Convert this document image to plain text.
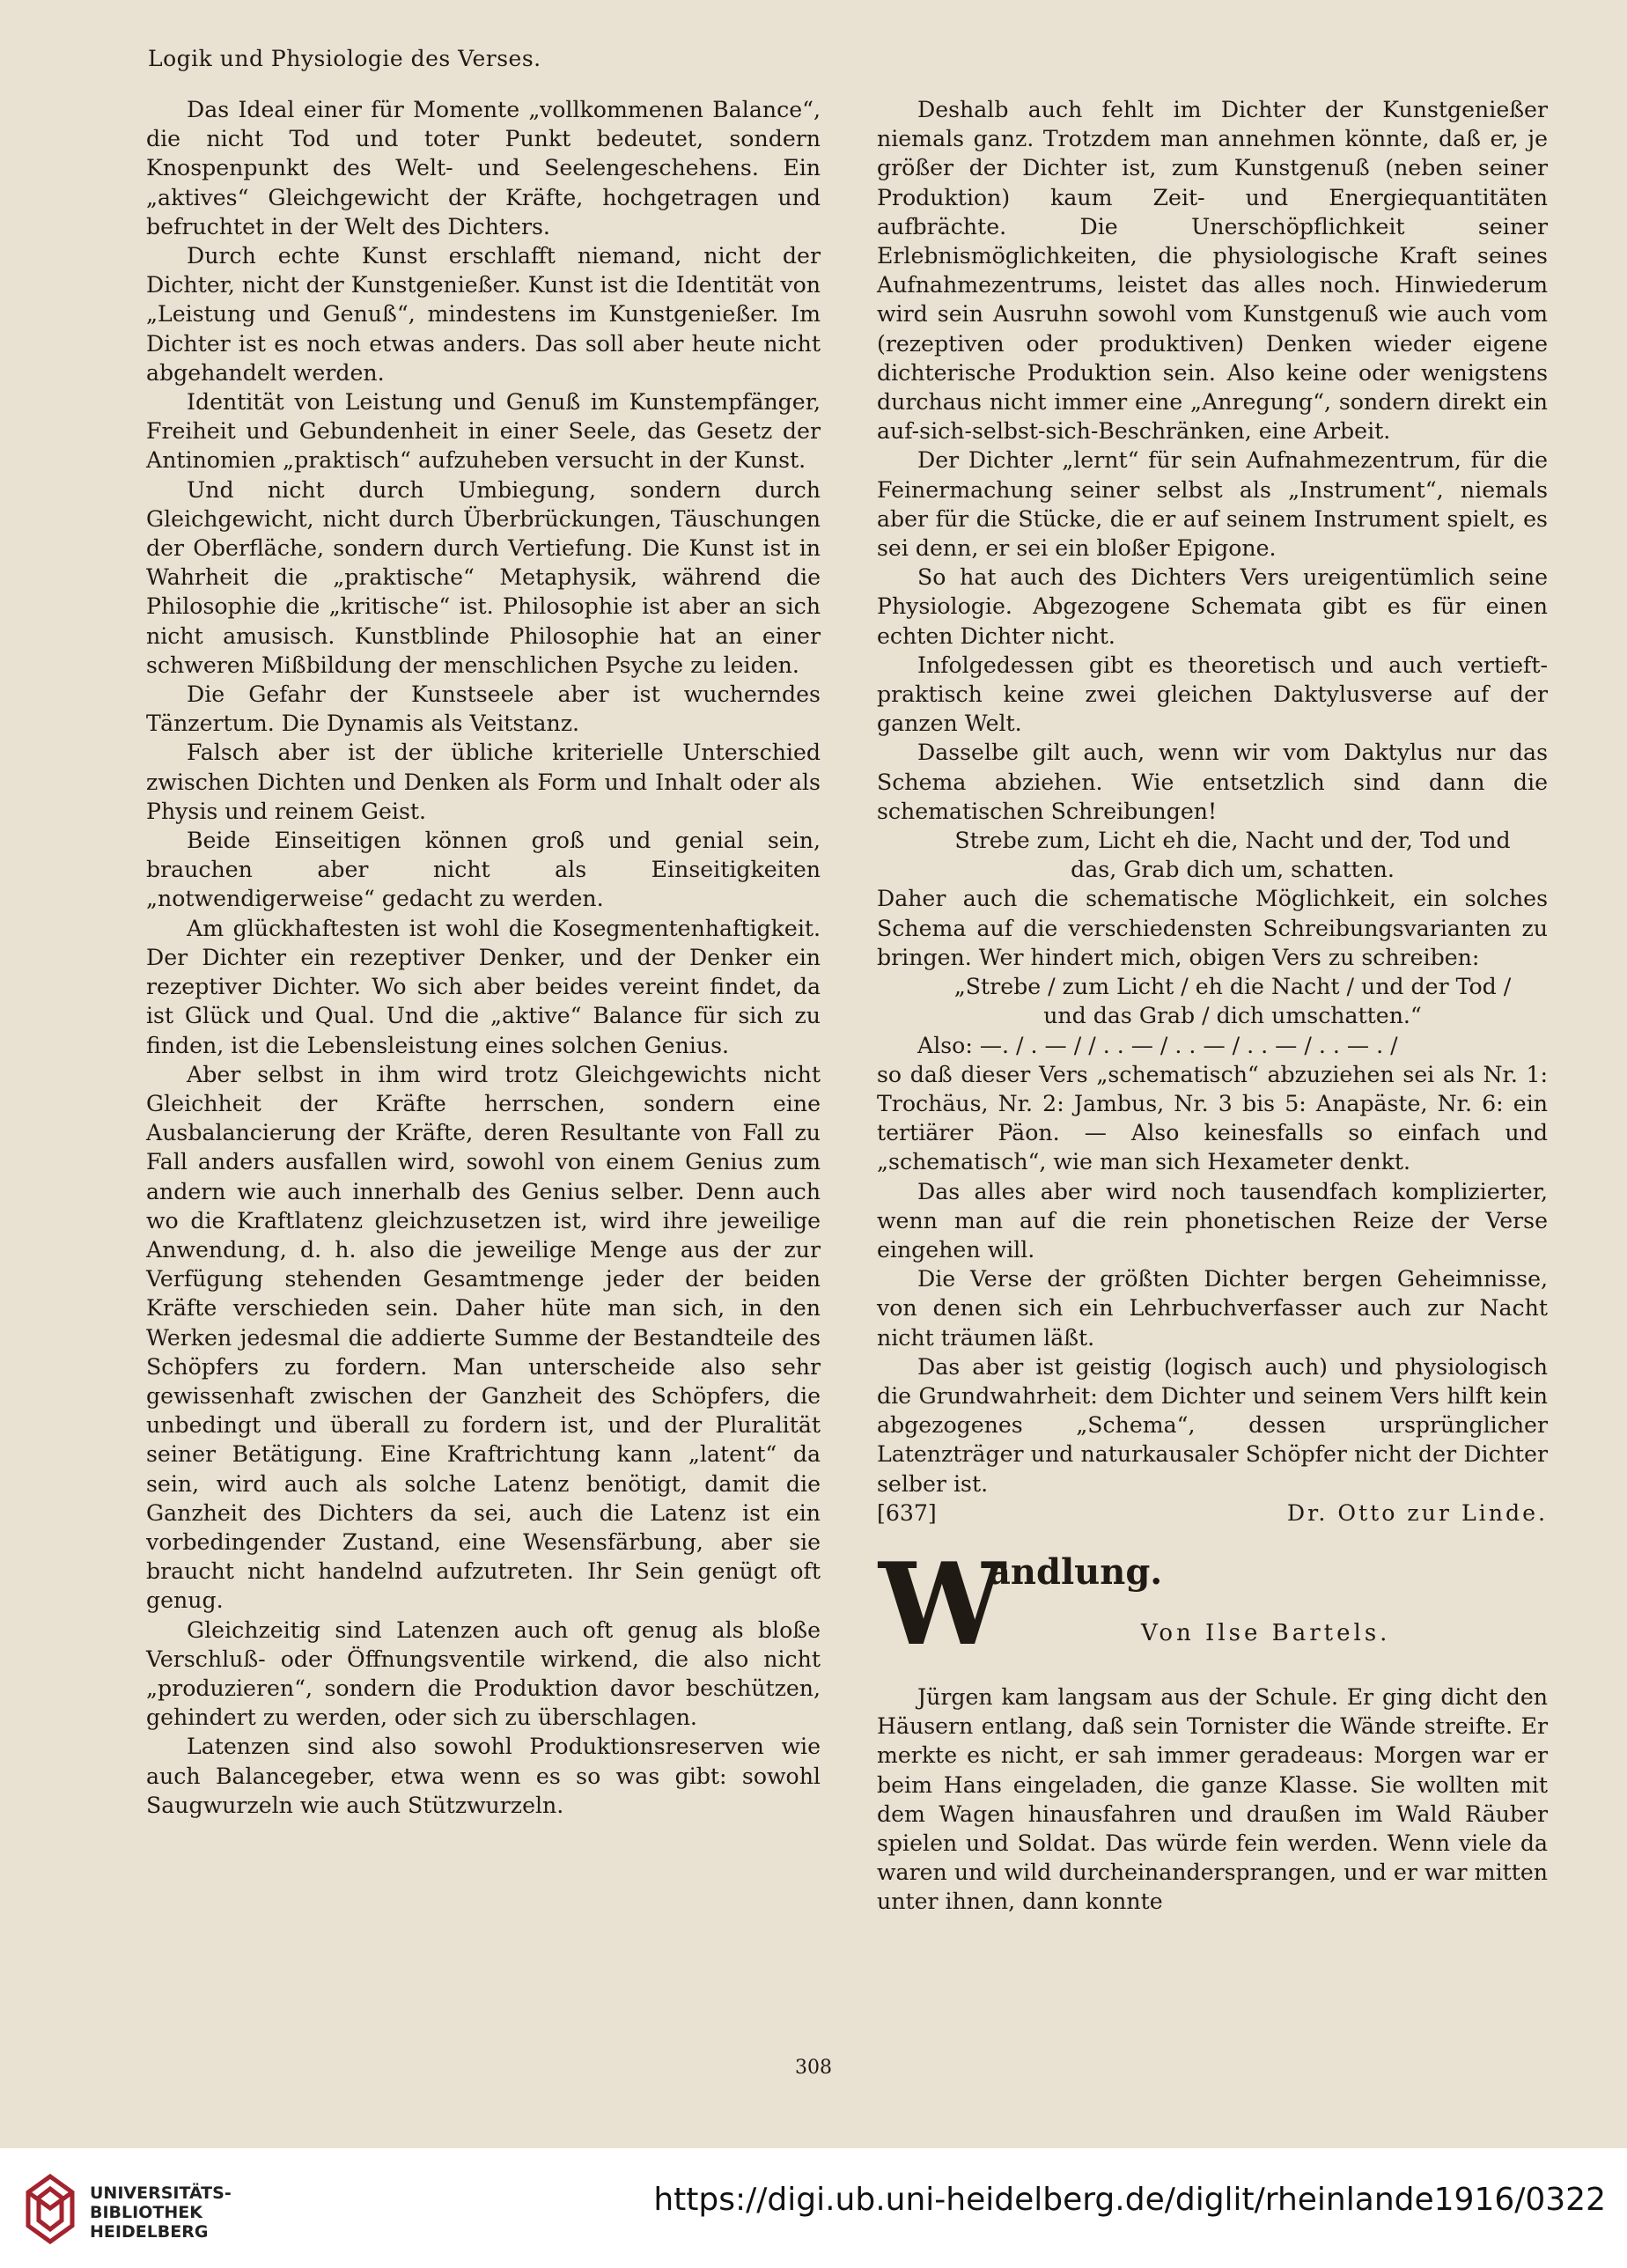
Logik und Physiologie des Verses.

Das Ideal einer für Momente „vollkommenen Balance“, die nicht Tod und toter Punkt bedeutet, sondern Knospenpunkt des Welt- und Seelengeschehens. Ein „aktives“ Gleichgewicht der Kräfte, hochgetragen und befruchtet in der Welt des Dichters.

Durch echte Kunst erschlafft niemand, nicht der Dichter, nicht der Kunstgenießer. Kunst ist die Identität von „Leistung und Genuß“, mindestens im Kunstgenießer. Im Dichter ist es noch etwas anders. Das soll aber heute nicht abgehandelt werden.

Identität von Leistung und Genuß im Kunstempfänger, Freiheit und Gebundenheit in einer Seele, das Gesetz der Antinomien „praktisch“ aufzuheben versucht in der Kunst.

Und nicht durch Umbiegung, sondern durch Gleichgewicht, nicht durch Überbrückungen, Täuschungen der Oberfläche, sondern durch Vertiefung. Die Kunst ist in Wahrheit die „praktische“ Metaphysik, während die Philosophie die „kritische“ ist. Philosophie ist aber an sich nicht amusisch. Kunstblinde Philosophie hat an einer schweren Mißbildung der menschlichen Psyche zu leiden.

Die Gefahr der Kunstseele aber ist wucherndes Tänzertum. Die Dynamis als Veitstanz.

Falsch aber ist der übliche kriterielle Unterschied zwischen Dichten und Denken als Form und Inhalt oder als Physis und reinem Geist.

Beide Einseitigen können groß und genial sein, brauchen aber nicht als Einseitigkeiten „notwendigerweise“ gedacht zu werden.

Am glückhaftesten ist wohl die Kosegmentenhaftigkeit. Der Dichter ein rezeptiver Denker, und der Denker ein rezeptiver Dichter. Wo sich aber beides vereint findet, da ist Glück und Qual. Und die „aktive“ Balance für sich zu finden, ist die Lebensleistung eines solchen Genius.

Aber selbst in ihm wird trotz Gleichgewichts nicht Gleichheit der Kräfte herrschen, sondern eine Ausbalancierung der Kräfte, deren Resultante von Fall zu Fall anders ausfallen wird, sowohl von einem Genius zum andern wie auch innerhalb des Genius selber. Denn auch wo die Kraftlatenz gleichzusetzen ist, wird ihre jeweilige Anwendung, d. h. also die jeweilige Menge aus der zur Verfügung stehenden Gesamtmenge jeder der beiden Kräfte verschieden sein. Daher hüte man sich, in den Werken jedesmal die addierte Summe der Bestandteile des Schöpfers zu fordern. Man unterscheide also sehr gewissenhaft zwischen der Ganzheit des Schöpfers, die unbedingt und überall zu fordern ist, und der Pluralität seiner Betätigung. Eine Kraftrichtung kann „latent“ da sein, wird auch als solche Latenz benötigt, damit die Ganzheit des Dichters da sei, auch die Latenz ist ein vorbedingender Zustand, eine Wesensfärbung, aber sie braucht nicht handelnd aufzutreten. Ihr Sein genügt oft genug.

Gleichzeitig sind Latenzen auch oft genug als bloße Verschluß- oder Öffnungsventile wirkend, die also nicht „produzieren“, sondern die Produktion davor beschützen, gehindert zu werden, oder sich zu überschlagen.

Latenzen sind also sowohl Produktionsreserven wie auch Balancegeber, etwa wenn es so was gibt: sowohl Saugwurzeln wie auch Stützwurzeln.

Deshalb auch fehlt im Dichter der Kunstgenießer niemals ganz. Trotzdem man annehmen könnte, daß er, je größer der Dichter ist, zum Kunstgenuß (neben seiner Produktion) kaum Zeit- und Energiequantitäten aufbrächte. Die Unerschöpflichkeit seiner Erlebnismöglichkeiten, die physiologische Kraft seines Aufnahmezentrums, leistet das alles noch. Hinwiederum wird sein Ausruhn sowohl vom Kunstgenuß wie auch vom (rezeptiven oder produktiven) Denken wieder eigene dichterische Produktion sein. Also keine oder wenigstens durchaus nicht immer eine „Anregung“, sondern direkt ein auf-sich-selbst-sich-Beschränken, eine Arbeit.

Der Dichter „lernt“ für sein Aufnahmezentrum, für die Feinermachung seiner selbst als „Instrument“, niemals aber für die Stücke, die er auf seinem Instrument spielt, es sei denn, er sei ein bloßer Epigone.

So hat auch des Dichters Vers ureigentümlich seine Physiologie. Abgezogene Schemata gibt es für einen echten Dichter nicht.

Infolgedessen gibt es theoretisch und auch vertieft-praktisch keine zwei gleichen Daktylusverse auf der ganzen Welt.

Dasselbe gilt auch, wenn wir vom Daktylus nur das Schema abziehen. Wie entsetzlich sind dann die schematischen Schreibungen!

Strebe zum, Licht eh die, Nacht und der, Tod und

das, Grab dich um, schatten.

Daher auch die schematische Möglichkeit, ein solches Schema auf die verschiedensten Schreibungsvarianten zu bringen. Wer hindert mich, obigen Vers zu schreiben:

„Strebe / zum Licht / eh die Nacht / und der Tod /

und das Grab / dich umschatten.“

Also: —. / . — / / . . — / . . — / . . — / . . — . /

so daß dieser Vers „schematisch“ abzuziehen sei als Nr. 1: Trochäus, Nr. 2: Jambus, Nr. 3 bis 5: Anapäste, Nr. 6: ein tertiärer Päon. — Also keinesfalls so einfach und „schematisch“, wie man sich Hexameter denkt.

Das alles aber wird noch tausendfach komplizierter, wenn man auf die rein phonetischen Reize der Verse eingehen will.

Die Verse der größten Dichter bergen Geheimnisse, von denen sich ein Lehrbuchverfasser auch zur Nacht nicht träumen läßt.

Das aber ist geistig (logisch auch) und physiologisch die Grundwahrheit: dem Dichter und seinem Vers hilft kein abgezogenes „Schema“, dessen ursprünglicher Latenzträger und naturkausaler Schöpfer nicht der Dichter selber ist.

[637]	Dr. Otto zur Linde.
W
andlung.
Von Ilse Bartels.

Jürgen kam langsam aus der Schule. Er ging dicht den Häusern entlang, daß sein Tornister die Wände streifte. Er merkte es nicht, er sah immer geradeaus: Morgen war er beim Hans eingeladen, die ganze Klasse. Sie wollten mit dem Wagen hinausfahren und draußen im Wald Räuber spielen und Soldat. Das würde fein werden. Wenn viele da waren und wild durcheinandersprangen, und er war mitten unter ihnen, dann konnte

308
UNIVERSITÄTS-
BIBLIOTHEK
HEIDELBERG
https://digi.ub.uni-heidelberg.de/diglit/rheinlande1916/0322
